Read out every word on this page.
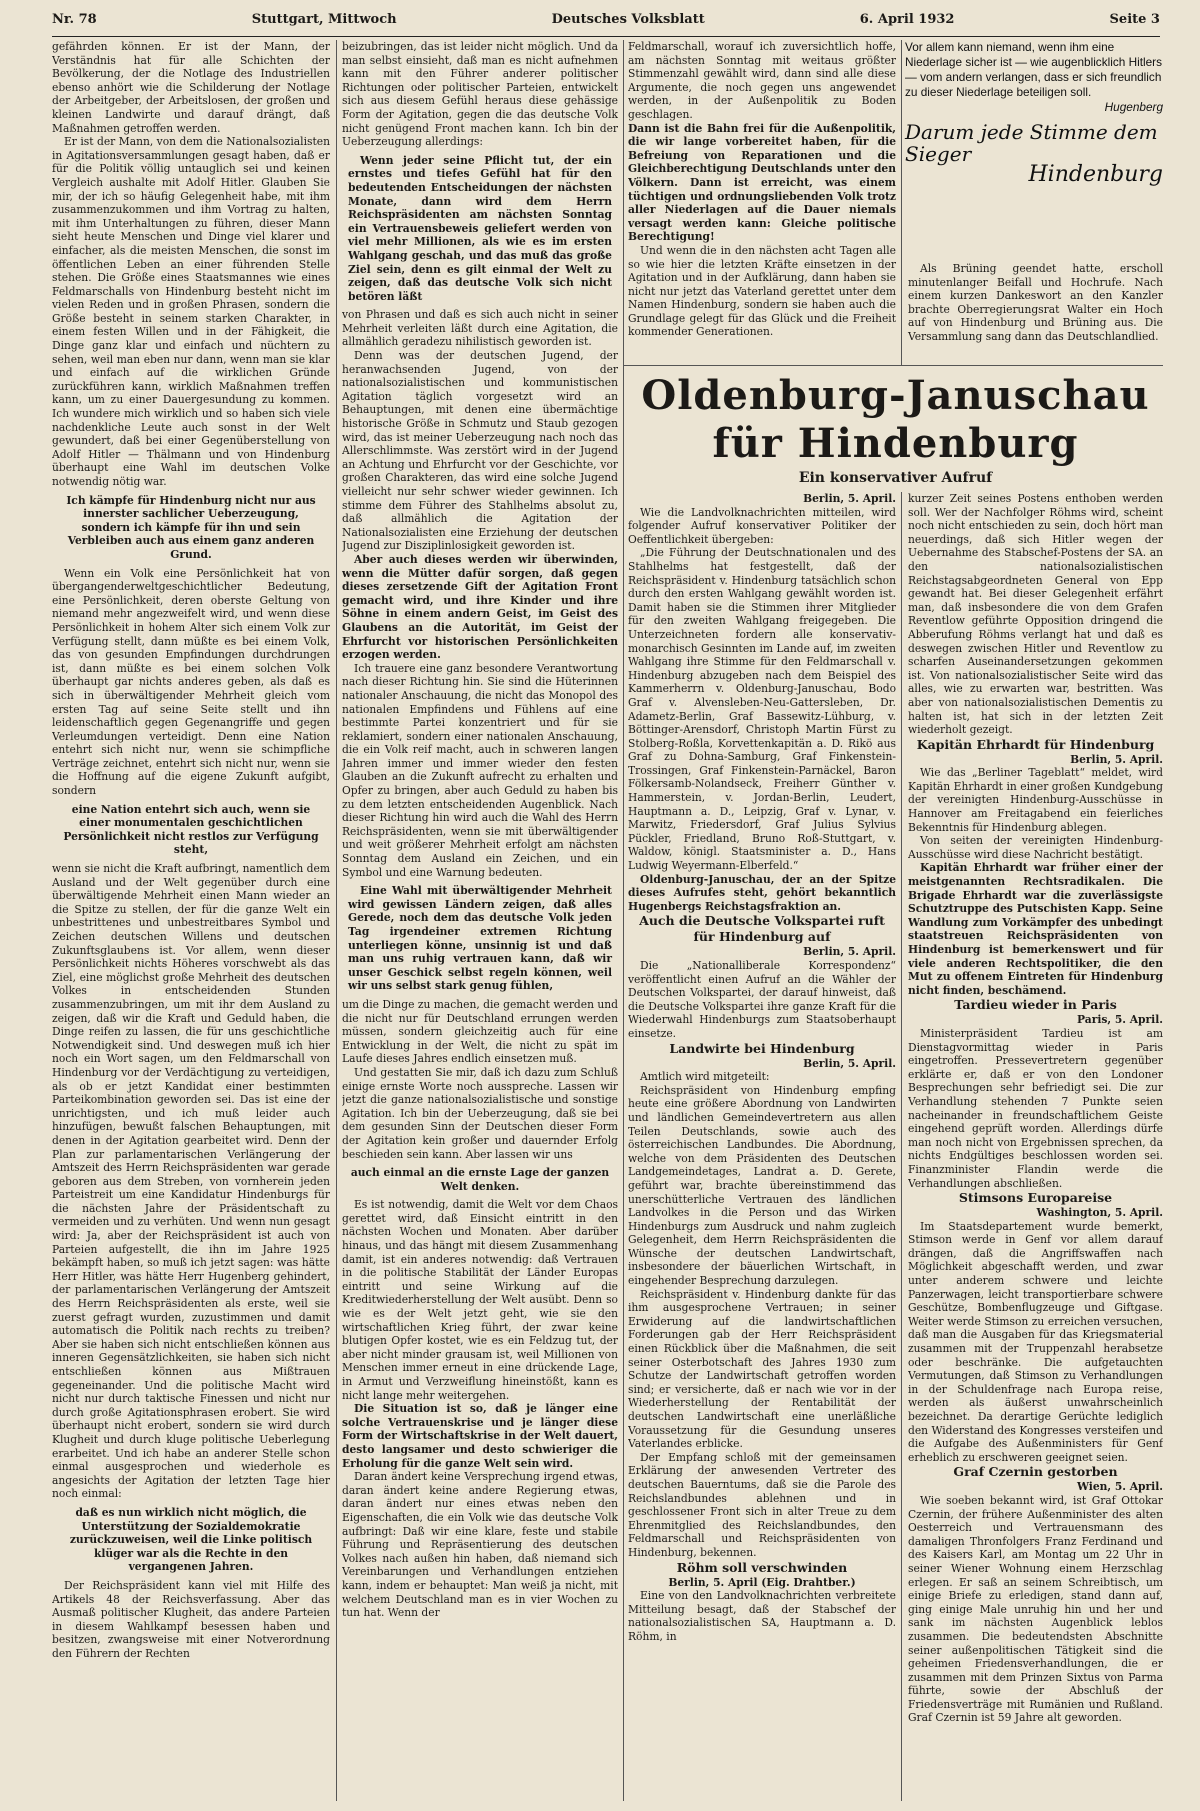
Nr. 78	Stuttgart, Mittwoch	Deutsches Volksblatt	6. April 1932	Seite 3

gefährden können. Er ist der Mann, der Verständnis hat für alle Schichten der Bevölkerung, der die Notlage des Industriellen ebenso anhört wie die Schilderung der Notlage der Arbeitgeber, der Arbeitslosen, der großen und kleinen Landwirte und darauf drängt, daß Maßnahmen getroffen werden.

Er ist der Mann, von dem die Nationalsozialisten in Agitationsversammlungen gesagt haben, daß er für die Politik völlig untauglich sei und keinen Vergleich aushalte mit Adolf Hitler. Glauben Sie mir, der ich so häufig Gelegenheit habe, mit ihm zusammenzukommen und ihm Vortrag zu halten, mit ihm Unterhaltungen zu führen, dieser Mann sieht heute Menschen und Dinge viel klarer und einfacher, als die meisten Menschen, die sonst im öffentlichen Leben an einer führenden Stelle stehen. Die Größe eines Staatsmannes wie eines Feldmarschalls von Hindenburg besteht nicht im vielen Reden und in großen Phrasen, sondern die Größe besteht in seinem starken Charakter, in einem festen Willen und in der Fähigkeit, die Dinge ganz klar und einfach und nüchtern zu sehen, weil man eben nur dann, wenn man sie klar und einfach auf die wirklichen Gründe zurückführen kann, wirklich Maßnahmen treffen kann, um zu einer Dauergesundung zu kommen. Ich wundere mich wirklich und so haben sich viele nachdenkliche Leute auch sonst in der Welt gewundert, daß bei einer Gegenüberstellung von Adolf Hitler — Thälmann und von Hindenburg überhaupt eine Wahl im deutschen Volke notwendig nötig war.

Ich kämpfe für Hindenburg nicht nur aus innerster sachlicher Ueberzeugung, sondern ich kämpfe für ihn und sein Verbleiben auch aus einem ganz anderen Grund.

Wenn ein Volk eine Persönlichkeit hat von übergangenderweltgeschichtlicher Bedeutung, eine Persönlichkeit, deren oberste Geltung von niemand mehr angezweifelt wird, und wenn diese Persönlichkeit in hohem Alter sich einem Volk zur Verfügung stellt, dann müßte es bei einem Volk, das von gesunden Empfindungen durchdrungen ist, dann müßte es bei einem solchen Volk überhaupt gar nichts anderes geben, als daß es sich in überwältigender Mehrheit gleich vom ersten Tag auf seine Seite stellt und ihn leidenschaftlich gegen Gegenangriffe und gegen Verleumdungen verteidigt. Denn eine Nation entehrt sich nicht nur, wenn sie schimpfliche Verträge zeichnet, entehrt sich nicht nur, wenn sie die Hoffnung auf die eigene Zukunft aufgibt, sondern

eine Nation entehrt sich auch, wenn sie einer monumentalen geschichtlichen Persönlichkeit nicht restlos zur Verfügung steht,

wenn sie nicht die Kraft aufbringt, namentlich dem Ausland und der Welt gegenüber durch eine überwältigende Mehrheit einen Mann wieder an die Spitze zu stellen, der für die ganze Welt ein unbestrittenes und unbestreitbares Symbol und Zeichen deutschen Willens und deutschen Zukunftsglaubens ist. Vor allem, wenn dieser Persönlichkeit nichts Höheres vorschwebt als das Ziel, eine möglichst große Mehrheit des deutschen Volkes in entscheidenden Stunden zusammenzubringen, um mit ihr dem Ausland zu zeigen, daß wir die Kraft und Geduld haben, die Dinge reifen zu lassen, die für uns geschichtliche Notwendigkeit sind. Und deswegen muß ich hier noch ein Wort sagen, um den Feldmarschall von Hindenburg vor der Verdächtigung zu verteidigen, als ob er jetzt Kandidat einer bestimmten Parteikombination geworden sei. Das ist eine der unrichtigsten, und ich muß leider auch hinzufügen, bewußt falschen Behauptungen, mit denen in der Agitation gearbeitet wird. Denn der Plan zur parlamentarischen Verlängerung der Amtszeit des Herrn Reichspräsidenten war gerade geboren aus dem Streben, von vornherein jeden Parteistreit um eine Kandidatur Hindenburgs für die nächsten Jahre der Präsidentschaft zu vermeiden und zu verhüten. Und wenn nun gesagt wird: Ja, aber der Reichspräsident ist auch von Parteien aufgestellt, die ihn im Jahre 1925 bekämpft haben, so muß ich jetzt sagen: was hätte Herr Hitler, was hätte Herr Hugenberg gehindert, der parlamentarischen Verlängerung der Amtszeit des Herrn Reichspräsidenten als erste, weil sie zuerst gefragt wurden, zuzustimmen und damit automatisch die Politik nach rechts zu treiben? Aber sie haben sich nicht entschließen können aus inneren Gegensätzlichkeiten, sie haben sich nicht entschließen können aus Mißtrauen gegeneinander. Und die politische Macht wird nicht nur durch taktische Finessen und nicht nur durch große Agitationsphrasen erobert. Sie wird überhaupt nicht erobert, sondern sie wird durch Klugheit und durch kluge politische Ueberlegung erarbeitet. Und ich habe an anderer Stelle schon einmal ausgesprochen und wiederhole es angesichts der Agitation der letzten Tage hier noch einmal:

daß es nun wirklich nicht möglich, die Unterstützung der Sozialdemokratie zurückzuweisen, weil die Linke politisch klüger war als die Rechte in den vergangenen Jahren.

Der Reichspräsident kann viel mit Hilfe des Artikels 48 der Reichsverfassung. Aber das Ausmaß politischer Klugheit, das andere Parteien in diesem Wahlkampf besessen haben und besitzen, zwangsweise mit einer Notverordnung den Führern der Rechten

beizubringen, das ist leider nicht möglich. Und da man selbst einsieht, daß man es nicht aufnehmen kann mit den Führer anderer politischer Richtungen oder politischer Parteien, entwickelt sich aus diesem Gefühl heraus diese gehässige Form der Agitation, gegen die das deutsche Volk nicht genügend Front machen kann. Ich bin der Ueberzeugung allerdings:

Wenn jeder seine Pflicht tut, der ein ernstes und tiefes Gefühl hat für den bedeutenden Entscheidungen der nächsten Monate, dann wird dem Herrn Reichspräsidenten am nächsten Sonntag ein Vertrauensbeweis geliefert werden von viel mehr Millionen, als wie es im ersten Wahlgang geschah, und das muß das große Ziel sein, denn es gilt einmal der Welt zu zeigen, daß das deutsche Volk sich nicht betören läßt

von Phrasen und daß es sich auch nicht in seiner Mehrheit verleiten läßt durch eine Agitation, die allmählich geradezu nihilistisch geworden ist.

Denn was der deutschen Jugend, der heranwachsenden Jugend, von der nationalsozialistischen und kommunistischen Agitation täglich vorgesetzt wird an Behauptungen, mit denen eine übermächtige historische Größe in Schmutz und Staub gezogen wird, das ist meiner Ueberzeugung nach noch das Allerschlimmste. Was zerstört wird in der Jugend an Achtung und Ehrfurcht vor der Geschichte, vor großen Charakteren, das wird eine solche Jugend vielleicht nur sehr schwer wieder gewinnen. Ich stimme dem Führer des Stahlhelms absolut zu, daß allmählich die Agitation der Nationalsozialisten eine Erziehung der deutschen Jugend zur Disziplinlosigkeit geworden ist.

Aber auch dieses werden wir überwinden, wenn die Mütter dafür sorgen, daß gegen dieses zersetzende Gift der Agitation Front gemacht wird, und ihre Kinder und ihre Söhne in einem andern Geist, im Geist des Glaubens an die Autorität, im Geist der Ehrfurcht vor historischen Persönlichkeiten erzogen werden.

Ich trauere eine ganz besondere Verantwortung nach dieser Richtung hin. Sie sind die Hüterinnen nationaler Anschauung, die nicht das Monopol des nationalen Empfindens und Fühlens auf eine bestimmte Partei konzentriert und für sie reklamiert, sondern einer nationalen Anschauung, die ein Volk reif macht, auch in schweren langen Jahren immer und immer wieder den festen Glauben an die Zukunft aufrecht zu erhalten und Opfer zu bringen, aber auch Geduld zu haben bis zu dem letzten entscheidenden Augenblick. Nach dieser Richtung hin wird auch die Wahl des Herrn Reichspräsidenten, wenn sie mit überwältigender und weit größerer Mehrheit erfolgt am nächsten Sonntag dem Ausland ein Zeichen, und ein Symbol und eine Warnung bedeuten.

Eine Wahl mit überwältigender Mehrheit wird gewissen Ländern zeigen, daß alles Gerede, noch dem das deutsche Volk jeden Tag irgendeiner extremen Richtung unterliegen könne, unsinnig ist und daß man uns ruhig vertrauen kann, daß wir unser Geschick selbst regeln können, weil wir uns selbst stark genug fühlen,

um die Dinge zu machen, die gemacht werden und die nicht nur für Deutschland errungen werden müssen, sondern gleichzeitig auch für eine Entwicklung in der Welt, die nicht zu spät im Laufe dieses Jahres endlich einsetzen muß.

Und gestatten Sie mir, daß ich dazu zum Schluß einige ernste Worte noch ausspreche. Lassen wir jetzt die ganze nationalsozialistische und sonstige Agitation. Ich bin der Ueberzeugung, daß sie bei dem gesunden Sinn der Deutschen dieser Form der Agitation kein großer und dauernder Erfolg beschieden sein kann. Aber lassen wir uns

auch einmal an die ernste Lage der ganzen Welt denken.

Es ist notwendig, damit die Welt vor dem Chaos gerettet wird, daß Einsicht eintritt in den nächsten Wochen und Monaten. Aber darüber hinaus, und das hängt mit diesem Zusammenhang damit, ist ein anderes notwendig: daß Vertrauen in die politische Stabilität der Länder Europas eintritt und seine Wirkung auf die Kreditwiederherstellung der Welt ausübt. Denn so wie es der Welt jetzt geht, wie sie den wirtschaftlichen Krieg führt, der zwar keine blutigen Opfer kostet, wie es ein Feldzug tut, der aber nicht minder grausam ist, weil Millionen von Menschen immer erneut in eine drückende Lage, in Armut und Verzweiflung hineinstößt, kann es nicht lange mehr weitergehen.

Die Situation ist so, daß je länger eine solche Vertrauenskrise und je länger diese Form der Wirtschaftskrise in der Welt dauert, desto langsamer und desto schwieriger die Erholung für die ganze Welt sein wird.

Daran ändert keine Versprechung irgend etwas, daran ändert keine andere Regierung etwas, daran ändert nur eines etwas neben den Eigenschaften, die ein Volk wie das deutsche Volk aufbringt: Daß wir eine klare, feste und stabile Führung und Repräsentierung des deutschen Volkes nach außen hin haben, daß niemand sich Vereinbarungen und Verhandlungen entziehen kann, indem er behauptet: Man weiß ja nicht, mit welchem Deutschland man es in vier Wochen zu tun hat. Wenn der

Feldmarschall, worauf ich zuversichtlich hoffe, am nächsten Sonntag mit weitaus größter Stimmenzahl gewählt wird, dann sind alle diese Argumente, die noch gegen uns angewendet werden, in der Außenpolitik zu Boden geschlagen.

Dann ist die Bahn frei für die Außenpolitik, die wir lange vorbereitet haben, für die Befreiung von Reparationen und die Gleichberechtigung Deutschlands unter den Völkern. Dann ist erreicht, was einem tüchtigen und ordnungsliebenden Volk trotz aller Niederlagen auf die Dauer niemals versagt werden kann: Gleiche politische Berechtigung!

Und wenn die in den nächsten acht Tagen alle so wie hier die letzten Kräfte einsetzen in der Agitation und in der Aufklärung, dann haben sie nicht nur jetzt das Vaterland gerettet unter dem Namen Hindenburg, sondern sie haben auch die Grundlage gelegt für das Glück und die Freiheit kommender Generationen.

Vor allem kann niemand, wenn ihm eine Niederlage sicher ist — wie augenblicklich Hitlers — vom andern verlangen, dass er sich freundlich zu dieser Niederlage beteiligen soll.
Hugenberg
Darum jede Stimme dem Sieger
Hindenburg

Als Brüning geendet hatte, erscholl minutenlanger Beifall und Hochrufe. Nach einem kurzen Dankeswort an den Kanzler brachte Oberregierungsrat Walter ein Hoch auf von Hindenburg und Brüning aus. Die Versammlung sang dann das Deutschlandlied.

Oldenburg-Januschau für Hindenburg
Ein konservativer Aufruf

Berlin, 5. April.

Wie die Landvolknachrichten mitteilen, wird folgender Aufruf konservativer Politiker der Oeffentlichkeit übergeben:

„Die Führung der Deutschnationalen und des Stahlhelms hat festgestellt, daß der Reichspräsident v. Hindenburg tatsächlich schon durch den ersten Wahlgang gewählt worden ist. Damit haben sie die Stimmen ihrer Mitglieder für den zweiten Wahlgang freigegeben. Die Unterzeichneten fordern alle konservativ-monarchisch Gesinnten im Lande auf, im zweiten Wahlgang ihre Stimme für den Feldmarschall v. Hindenburg abzugeben nach dem Beispiel des Kammerherrn v. Oldenburg-Januschau, Bodo Graf v. Alvensleben-Neu-Gattersleben, Dr. Adametz-Berlin, Graf Bassewitz-Lühburg, v. Böttinger-Arensdorf, Christoph Martin Fürst zu Stolberg-Roßla, Korvettenkapitän a. D. Rikö aus Graf zu Dohna-Samburg, Graf Finkenstein-Trossingen, Graf Finkenstein-Parnäckel, Baron Fölkersamb-Nolandseck, Freiherr Günther v. Hammerstein, v. Jordan-Berlin, Leudert, Hauptmann a. D., Leipzig, Graf v. Lynar, v. Marwitz, Friedersdorf, Graf Julius Sylvius Pückler, Friedland, Bruno Roß-Stuttgart, v. Waldow, königl. Staatsminister a. D., Hans Ludwig Weyermann-Elberfeld.“

Oldenburg-Januschau, der an der Spitze dieses Aufrufes steht, gehört bekanntlich Hugenbergs Reichstagsfraktion an.

Auch die Deutsche Volkspartei ruft für Hindenburg auf

Berlin, 5. April.

Die „Nationalliberale Korrespondenz“ veröffentlicht einen Aufruf an die Wähler der Deutschen Volkspartei, der darauf hinweist, daß die Deutsche Volkspartei ihre ganze Kraft für die Wiederwahl Hindenburgs zum Staatsoberhaupt einsetze.

Landwirte bei Hindenburg

Berlin, 5. April.

Amtlich wird mitgeteilt:

Reichspräsident von Hindenburg empfing heute eine größere Abordnung von Landwirten und ländlichen Gemeindevertretern aus allen Teilen Deutschlands, sowie auch des österreichischen Landbundes. Die Abordnung, welche von dem Präsidenten des Deutschen Landgemeindetages, Landrat a. D. Gerete, geführt war, brachte übereinstimmend das unerschütterliche Vertrauen des ländlichen Landvolkes in die Person und das Wirken Hindenburgs zum Ausdruck und nahm zugleich Gelegenheit, dem Herrn Reichspräsidenten die Wünsche der deutschen Landwirtschaft, insbesondere der bäuerlichen Wirtschaft, in eingehender Besprechung darzulegen.

Reichspräsident v. Hindenburg dankte für das ihm ausgesprochene Vertrauen; in seiner Erwiderung auf die landwirtschaftlichen Forderungen gab der Herr Reichspräsident einen Rückblick über die Maßnahmen, die seit seiner Osterbotschaft des Jahres 1930 zum Schutze der Landwirtschaft getroffen worden sind; er versicherte, daß er nach wie vor in der Wiederherstellung der Rentabilität der deutschen Landwirtschaft eine unerläßliche Voraussetzung für die Gesundung unseres Vaterlandes erblicke.

Der Empfang schloß mit der gemeinsamen Erklärung der anwesenden Vertreter des deutschen Bauerntums, daß sie die Parole des Reichslandbundes ablehnen und in geschlossener Front sich in alter Treue zu dem Ehrenmitglied des Reichslandbundes, den Feldmarschall und Reichspräsidenten von Hindenburg, bekennen.

Röhm soll verschwinden

Berlin, 5. April (Eig. Drahtber.)

Eine von den Landvolknachrichten verbreitete Mitteilung besagt, daß der Stabschef der nationalsozialistischen SA, Hauptmann a. D. Röhm, in

kurzer Zeit seines Postens enthoben werden soll. Wer der Nachfolger Röhms wird, scheint noch nicht entschieden zu sein, doch hört man neuerdings, daß sich Hitler wegen der Uebernahme des Stabschef-Postens der SA. an den nationalsozialistischen Reichstagsabgeordneten General von Epp gewandt hat. Bei dieser Gelegenheit erfährt man, daß insbesondere die von dem Grafen Reventlow geführte Opposition dringend die Abberufung Röhms verlangt hat und daß es deswegen zwischen Hitler und Reventlow zu scharfen Auseinandersetzungen gekommen ist. Von nationalsozialistischer Seite wird das alles, wie zu erwarten war, bestritten. Was aber von nationalsozialistischen Dementis zu halten ist, hat sich in der letzten Zeit wiederholt gezeigt.

Kapitän Ehrhardt für Hindenburg

Berlin, 5. April.

Wie das „Berliner Tageblatt“ meldet, wird Kapitän Ehrhardt in einer großen Kundgebung der vereinigten Hindenburg-Ausschüsse in Hannover am Freitagabend ein feierliches Bekenntnis für Hindenburg ablegen.

Von seiten der vereinigten Hindenburg-Ausschüsse wird diese Nachricht bestätigt.

Kapitän Ehrhardt war früher einer der meistgenannten Rechtsradikalen. Die Brigade Ehrhardt war die zuverlässigste Schutztruppe des Putschisten Kapp. Seine Wandlung zum Vorkämpfer des unbedingt staatstreuen Reichspräsidenten von Hindenburg ist bemerkenswert und für viele anderen Rechtspolitiker, die den Mut zu offenem Eintreten für Hindenburg nicht finden, beschämend.

Tardieu wieder in Paris

Paris, 5. April.

Ministerpräsident Tardieu ist am Dienstagvormittag wieder in Paris eingetroffen. Pressevertretern gegenüber erklärte er, daß er von den Londoner Besprechungen sehr befriedigt sei. Die zur Verhandlung stehenden 7 Punkte seien nacheinander in freundschaftlichem Geiste eingehend geprüft worden. Allerdings dürfe man noch nicht von Ergebnissen sprechen, da nichts Endgültiges beschlossen worden sei. Finanzminister Flandin werde die Verhandlungen abschließen.

Stimsons Europareise

Washington, 5. April.

Im Staatsdepartement wurde bemerkt, Stimson werde in Genf vor allem darauf drängen, daß die Angriffswaffen nach Möglichkeit abgeschafft werden, und zwar unter anderem schwere und leichte Panzerwagen, leicht transportierbare schwere Geschütze, Bombenflugzeuge und Giftgase. Weiter werde Stimson zu erreichen versuchen, daß man die Ausgaben für das Kriegsmaterial zusammen mit der Truppenzahl herabsetze oder beschränke. Die aufgetauchten Vermutungen, daß Stimson zu Verhandlungen in der Schuldenfrage nach Europa reise, werden als äußerst unwahrscheinlich bezeichnet. Da derartige Gerüchte lediglich den Widerstand des Kongresses versteifen und die Aufgabe des Außenministers für Genf erheblich zu erschweren geeignet seien.

Graf Czernin gestorben

Wien, 5. April.

Wie soeben bekannt wird, ist Graf Ottokar Czernin, der frühere Außenminister des alten Oesterreich und Vertrauensmann des damaligen Thronfolgers Franz Ferdinand und des Kaisers Karl, am Montag um 22 Uhr in seiner Wiener Wohnung einem Herzschlag erlegen. Er saß an seinem Schreibtisch, um einige Briefe zu erledigen, stand dann auf, ging einige Male unruhig hin und her und sank im nächsten Augenblick leblos zusammen. Die bedeutendsten Abschnitte seiner außenpolitischen Tätigkeit sind die geheimen Friedensverhandlungen, die er zusammen mit dem Prinzen Sixtus von Parma führte, sowie der Abschluß der Friedensverträge mit Rumänien und Rußland. Graf Czernin ist 59 Jahre alt geworden.
